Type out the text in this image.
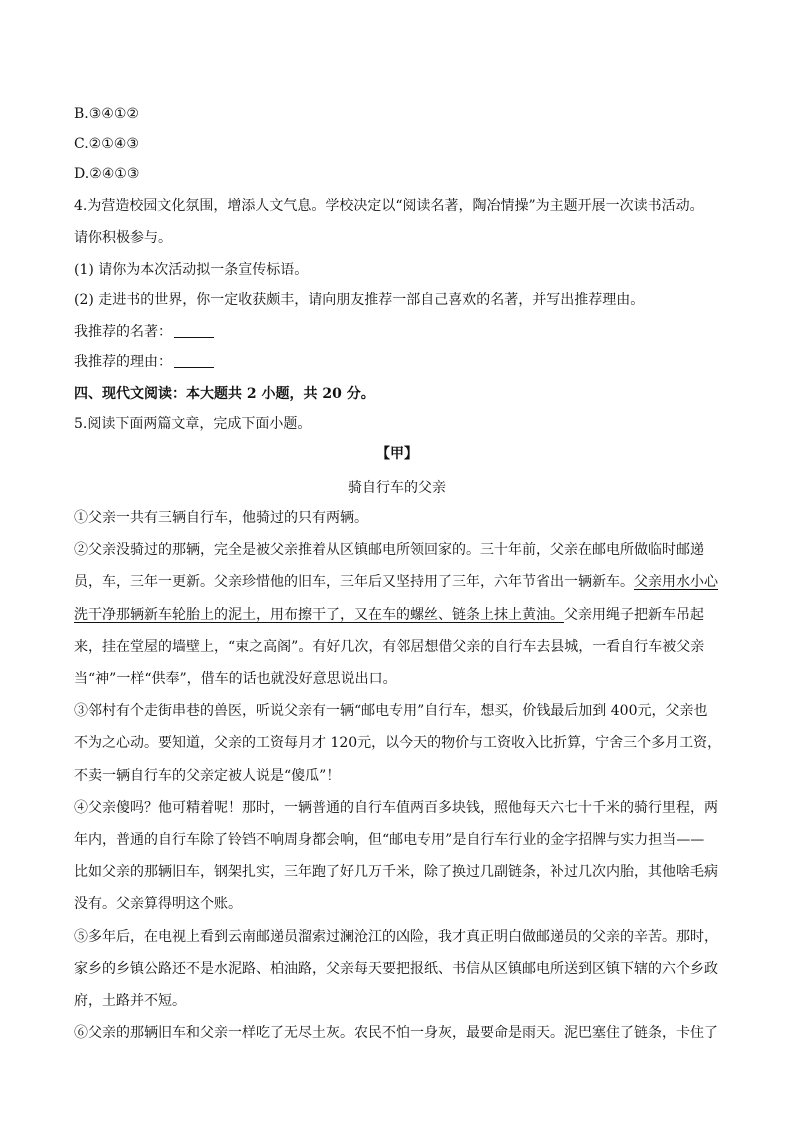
B.③④①②
C.②①④③
D.②④①③
4.为营造校园文化氛围，增添人文气息。学校决定以“阅读名著，陶冶情操”为主题开展一次读书活动。
请你积极参与。
(1) 请你为本次活动拟一条宣传标语。
(2) 走进书的世界，你一定收获颇丰，请向朋友推荐一部自己喜欢的名著，并写出推荐理由。
我推荐的名著：
我推荐的理由：
四、现代文阅读：本大题共 2 小题，共 20 分。
5.阅读下面两篇文章，完成下面小题。
【甲】
骑自行车的父亲
①父亲一共有三辆自行车，他骑过的只有两辆。
②父亲没骑过的那辆，完全是被父亲推着从区镇邮电所领回家的。三十年前，父亲在邮电所做临时邮递
员，车，三年一更新。父亲珍惜他的旧车，三年后又坚持用了三年，六年节省出一辆新车。父亲用水小心
洗干净那辆新车轮胎上的泥土，用布擦干了，又在车的螺丝、链条上抹上黄油。父亲用绳子把新车吊起
来，挂在堂屋的墙壁上，“束之高阁”。有好几次，有邻居想借父亲的自行车去县城，一看自行车被父亲
当“神”一样“供奉”，借车的话也就没好意思说出口。
③邻村有个走街串巷的兽医，听说父亲有一辆“邮电专用”自行车，想买，价钱最后加到 400元，父亲也
不为之心动。要知道，父亲的工资每月才 120元，以今天的物价与工资收入比折算，宁舍三个多月工资，
不卖一辆自行车的父亲定被人说是“傻瓜”！
④父亲傻吗？他可精着呢！那时，一辆普通的自行车值两百多块钱，照他每天六七十千米的骑行里程，两
年内，普通的自行车除了铃铛不响周身都会响，但“邮电专用”是自行车行业的金字招牌与实力担当——
比如父亲的那辆旧车，钢架扎实，三年跑了好几万千米，除了换过几副链条，补过几次内胎，其他啥毛病
没有。父亲算得明这个账。
⑤多年后，在电视上看到云南邮递员溜索过澜沧江的凶险，我才真正明白做邮递员的父亲的辛苦。那时，
家乡的乡镇公路还不是水泥路、柏油路，父亲每天要把报纸、书信从区镇邮电所送到区镇下辖的六个乡政
府，土路并不短。
⑥父亲的那辆旧车和父亲一样吃了无尽土灰。农民不怕一身灰，最要命是雨天。泥巴塞住了链条，卡住了
